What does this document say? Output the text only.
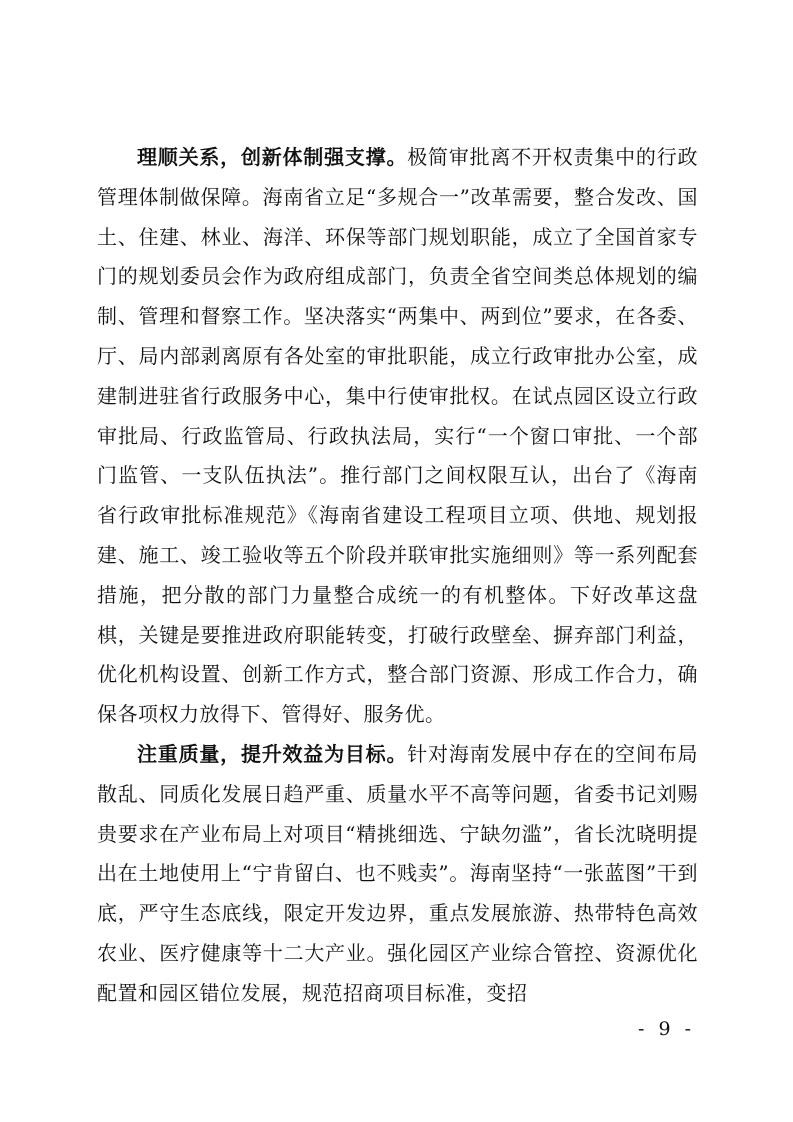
理顺关系，创新体制强支撑。极简审批离不开权责集中的行政管理体制做保障。海南省立足“多规合一”改革需要，整合发改、国土、住建、林业、海洋、环保等部门规划职能，成立了全国首家专门的规划委员会作为政府组成部门，负责全省空间类总体规划的编制、管理和督察工作。坚决落实“两集中、两到位”要求，在各委、厅、局内部剥离原有各处室的审批职能，成立行政审批办公室，成建制进驻省行政服务中心，集中行使审批权。在试点园区设立行政审批局、行政监管局、行政执法局，实行“一个窗口审批、一个部门监管、一支队伍执法”。推行部门之间权限互认，出台了《海南省行政审批标准规范》《海南省建设工程项目立项、供地、规划报建、施工、竣工验收等五个阶段并联审批实施细则》等一系列配套措施，把分散的部门力量整合成统一的有机整体。下好改革这盘棋，关键是要推进政府职能转变，打破行政壁垒、摒弃部门利益，优化机构设置、创新工作方式，整合部门资源、形成工作合力，确保各项权力放得下、管得好、服务优。

注重质量，提升效益为目标。针对海南发展中存在的空间布局散乱、同质化发展日趋严重、质量水平不高等问题，省委书记刘赐贵要求在产业布局上对项目“精挑细选、宁缺勿滥”，省长沈晓明提出在土地使用上“宁肯留白、也不贱卖”。海南坚持“一张蓝图”干到底，严守生态底线，限定开发边界，重点发展旅游、热带特色高效农业、医疗健康等十二大产业。强化园区产业综合管控、资源优化配置和园区错位发展，规范招商项目标准，变招

- 9 -
